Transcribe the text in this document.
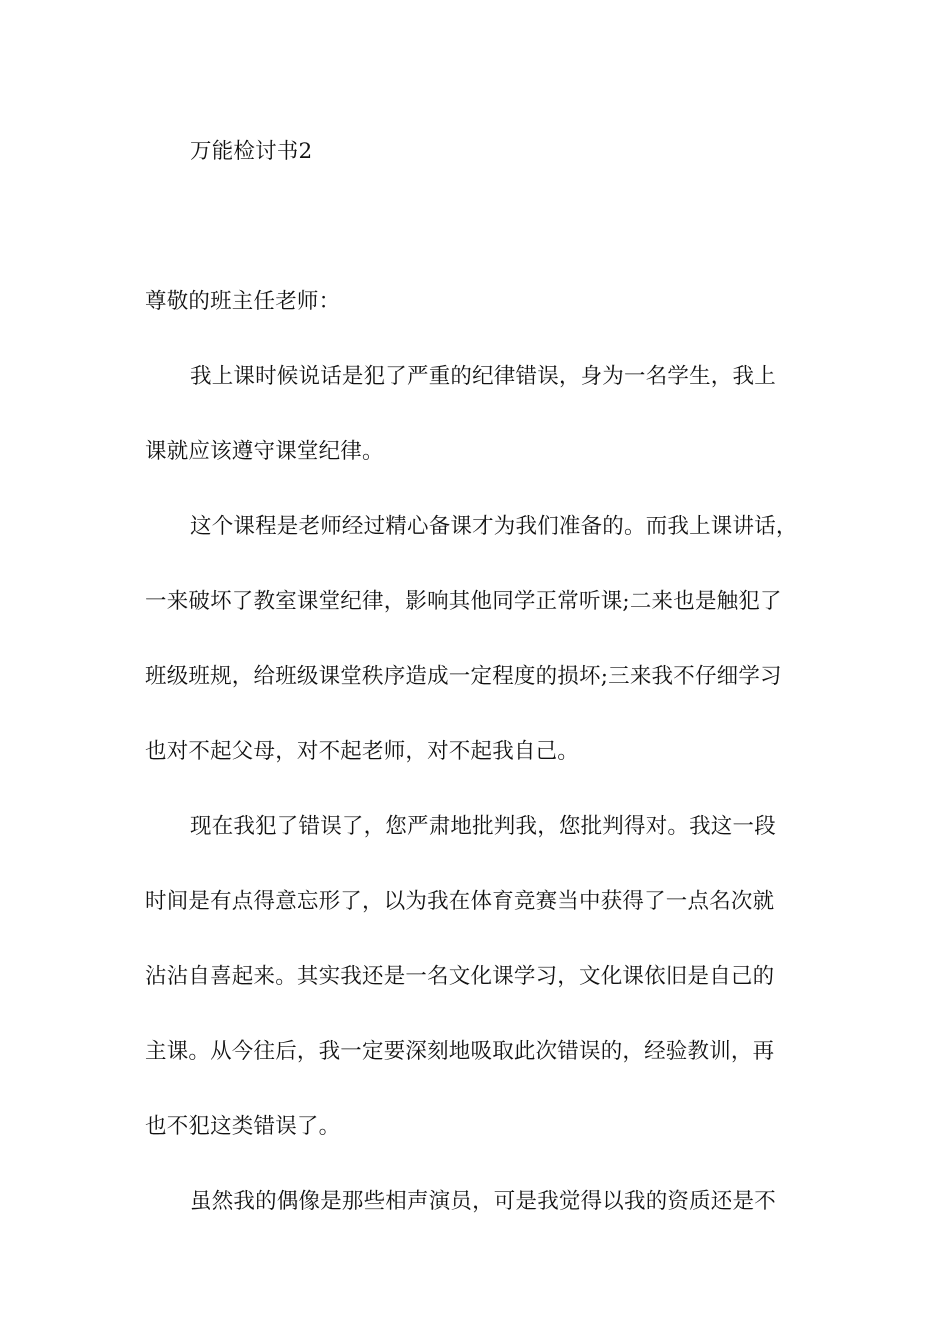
万能检讨书2
尊敬的班主任老师：
我上课时候说话是犯了严重的纪律错误，身为一名学生，我上
课就应该遵守课堂纪律。
这个课程是老师经过精心备课才为我们准备的。而我上课讲话，
一来破坏了教室课堂纪律，影响其他同学正常听课;二来也是触犯了
班级班规，给班级课堂秩序造成一定程度的损坏;三来我不仔细学习
也对不起父母，对不起老师，对不起我自己。
现在我犯了错误了，您严肃地批判我，您批判得对。我这一段
时间是有点得意忘形了，以为我在体育竞赛当中获得了一点名次就
沾沾自喜起来。其实我还是一名文化课学习，文化课依旧是自己的
主课。从今往后，我一定要深刻地吸取此次错误的，经验教训，再
也不犯这类错误了。
虽然我的偶像是那些相声演员，可是我觉得以我的资质还是不
